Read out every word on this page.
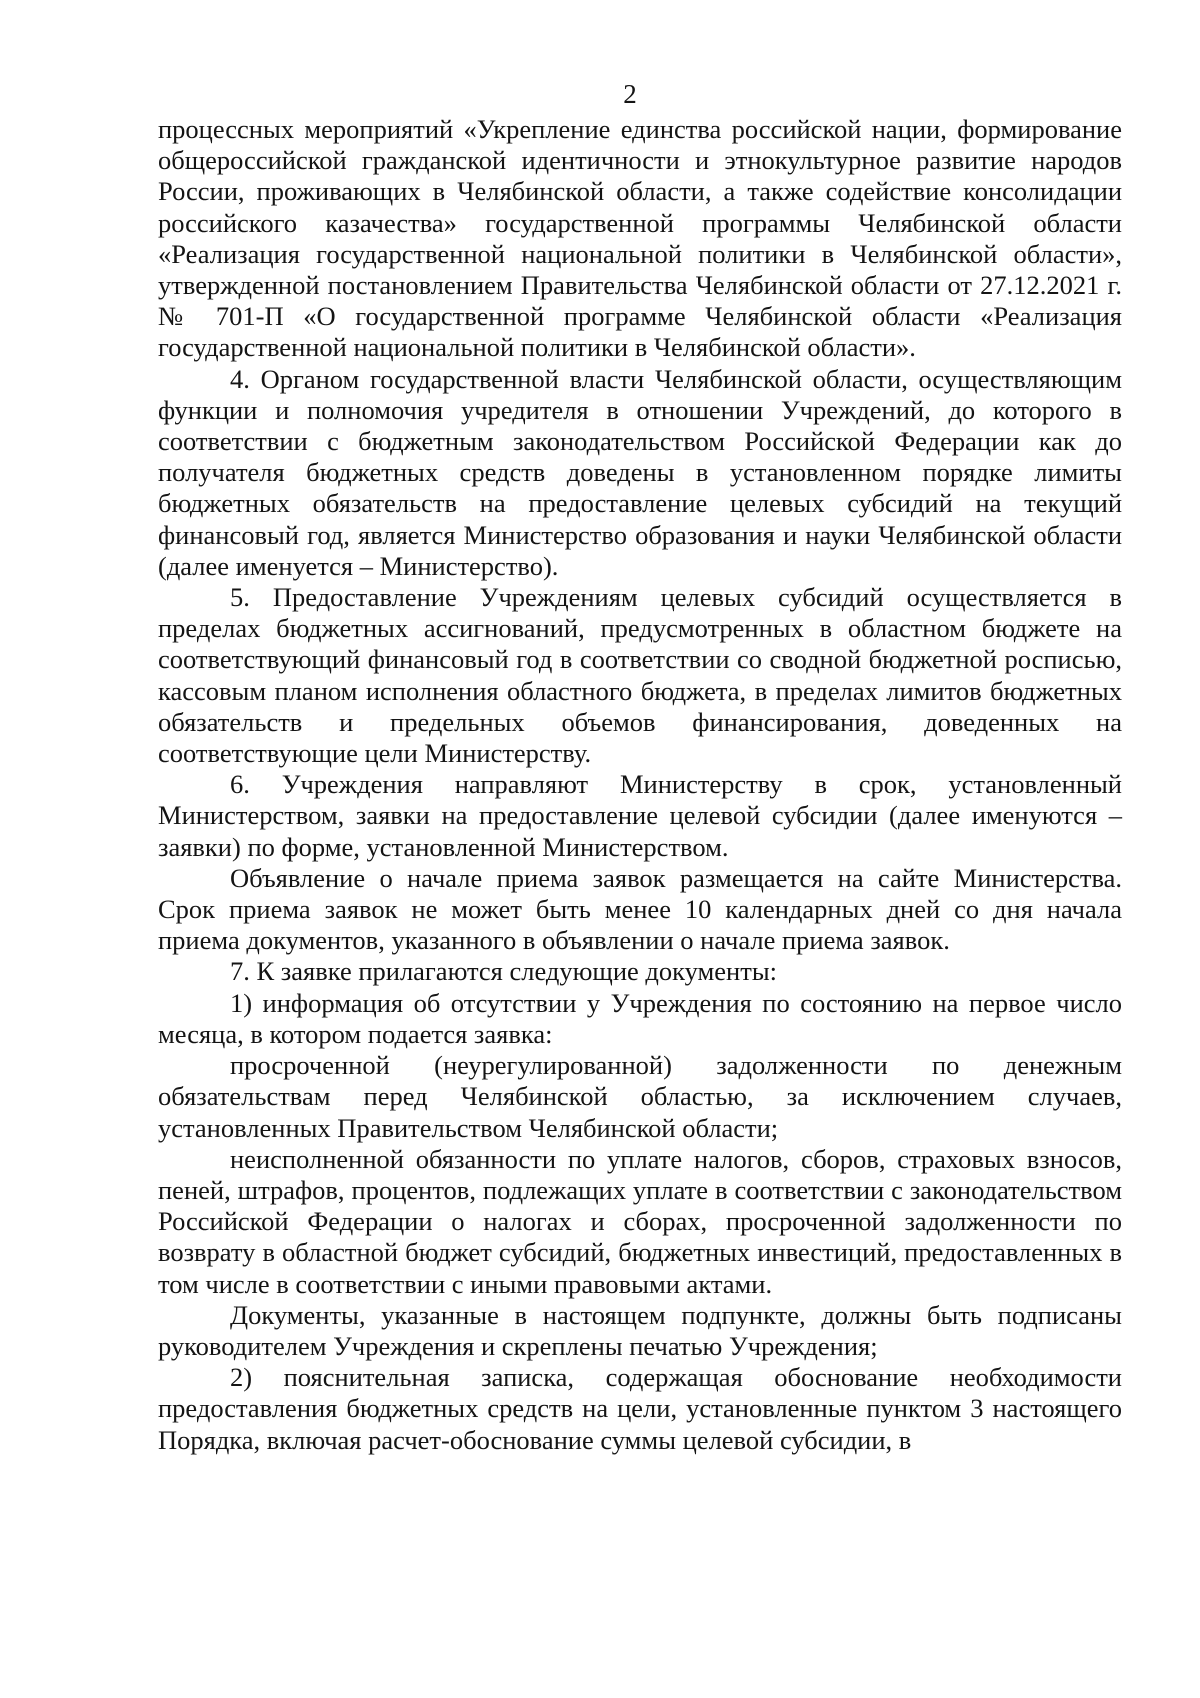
2

процессных мероприятий «Укрепление единства российской нации, формирование общероссийской гражданской идентичности и этнокультурное развитие народов России, проживающих в Челябинской области, а также содействие консолидации российского казачества» государственной программы Челябинской области «Реализация государственной национальной политики в Челябинской области», утвержденной постановлением Правительства Челябинской области от 27.12.2021 г. № 701-П «О государственной программе Челябинской области «Реализация государственной национальной политики в Челябинской области».

4. Органом государственной власти Челябинской области, осуществляющим функции и полномочия учредителя в отношении Учреждений, до которого в соответствии с бюджетным законодательством Российской Федерации как до получателя бюджетных средств доведены в установленном порядке лимиты бюджетных обязательств на предоставление целевых субсидий на текущий финансовый год, является Министерство образования и науки Челябинской области (далее именуется – Министерство).

5. Предоставление Учреждениям целевых субсидий осуществляется в пределах бюджетных ассигнований, предусмотренных в областном бюджете на соответствующий финансовый год в соответствии со сводной бюджетной росписью, кассовым планом исполнения областного бюджета, в пределах лимитов бюджетных обязательств и предельных объемов финансирования, доведенных на соответствующие цели Министерству.

6. Учреждения направляют Министерству в срок, установленный Министерством, заявки на предоставление целевой субсидии (далее именуются – заявки) по форме, установленной Министерством.

Объявление о начале приема заявок размещается на сайте Министерства. Срок приема заявок не может быть менее 10 календарных дней со дня начала приема документов, указанного в объявлении о начале приема заявок.

7. К заявке прилагаются следующие документы:

1) информация об отсутствии у Учреждения по состоянию на первое число месяца, в котором подается заявка:

просроченной (неурегулированной) задолженности по денежным обязательствам перед Челябинской областью, за исключением случаев, установленных Правительством Челябинской области;

неисполненной обязанности по уплате налогов, сборов, страховых взносов, пеней, штрафов, процентов, подлежащих уплате в соответствии с законодательством Российской Федерации о налогах и сборах, просроченной задолженности по возврату в областной бюджет субсидий, бюджетных инвестиций, предоставленных в том числе в соответствии с иными правовыми актами.

Документы, указанные в настоящем подпункте, должны быть подписаны руководителем Учреждения и скреплены печатью Учреждения;

2) пояснительная записка, содержащая обоснование необходимости предоставления бюджетных средств на цели, установленные пунктом 3 настоящего Порядка, включая расчет-обоснование суммы целевой субсидии, в
